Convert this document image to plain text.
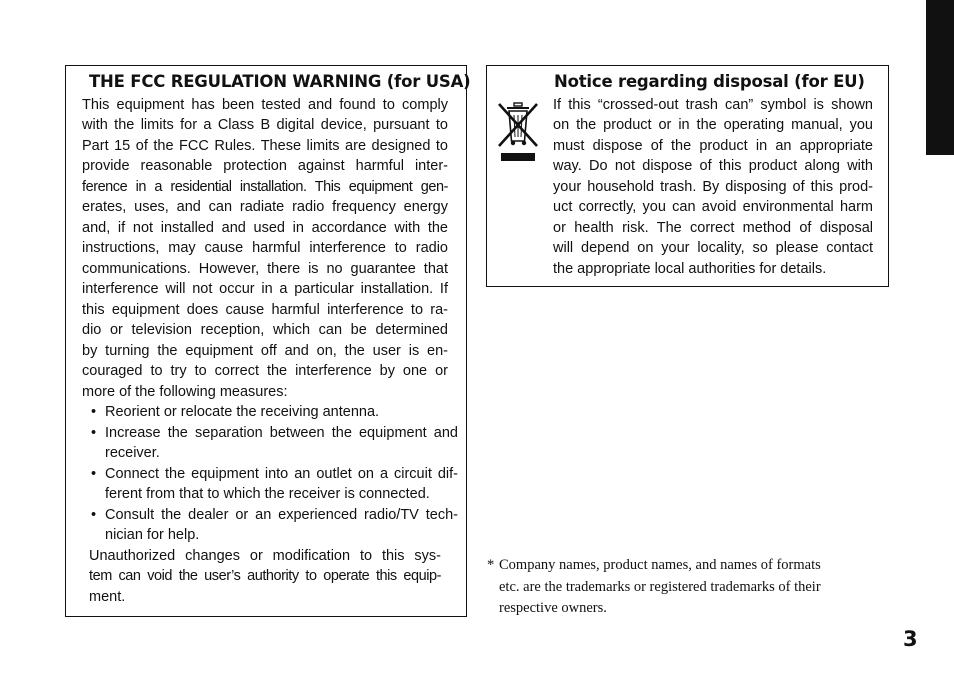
THE FCC REGULATION WARNING (for USA)
This equipment has been tested and found to comply
with the limits for a Class B digital device, pursuant to
Part 15 of the FCC Rules. These limits are designed to
provide reasonable protection against harmful inter-
ference in a residential installation. This equipment gen-
erates, uses, and can radiate radio frequency energy
and, if not installed and used in accordance with the
instructions, may cause harmful interference to radio
communications. However, there is no guarantee that
interference will not occur in a particular installation. If
this equipment does cause harmful interference to ra-
dio or television reception, which can be determined
by turning the equipment off and on, the user is en-
couraged to try to correct the interference by one or
more of the following measures:
• Reorient or relocate the receiving antenna.
• Increase the separation between the equipment and
receiver.
• Connect the equipment into an outlet on a circuit dif-
ferent from that to which the receiver is connected.
• Consult the dealer or an experienced radio/TV tech-
nician for help.
Unauthorized changes or modification to this sys-
tem can void the user’s authority to operate this equip-
ment.
Notice regarding disposal (for EU)
If this “crossed-out trash can” symbol is shown
on the product or in the operating manual, you
must dispose of the product in an appropriate
way. Do not dispose of this product along with
your household trash. By disposing of this prod-
uct correctly, you can avoid environmental harm
or health risk. The correct method of disposal
will depend on your locality, so please contact
the appropriate local authorities for details.
* Company names, product names, and names of formats
etc. are the trademarks or registered trademarks of their
respective owners.
3
